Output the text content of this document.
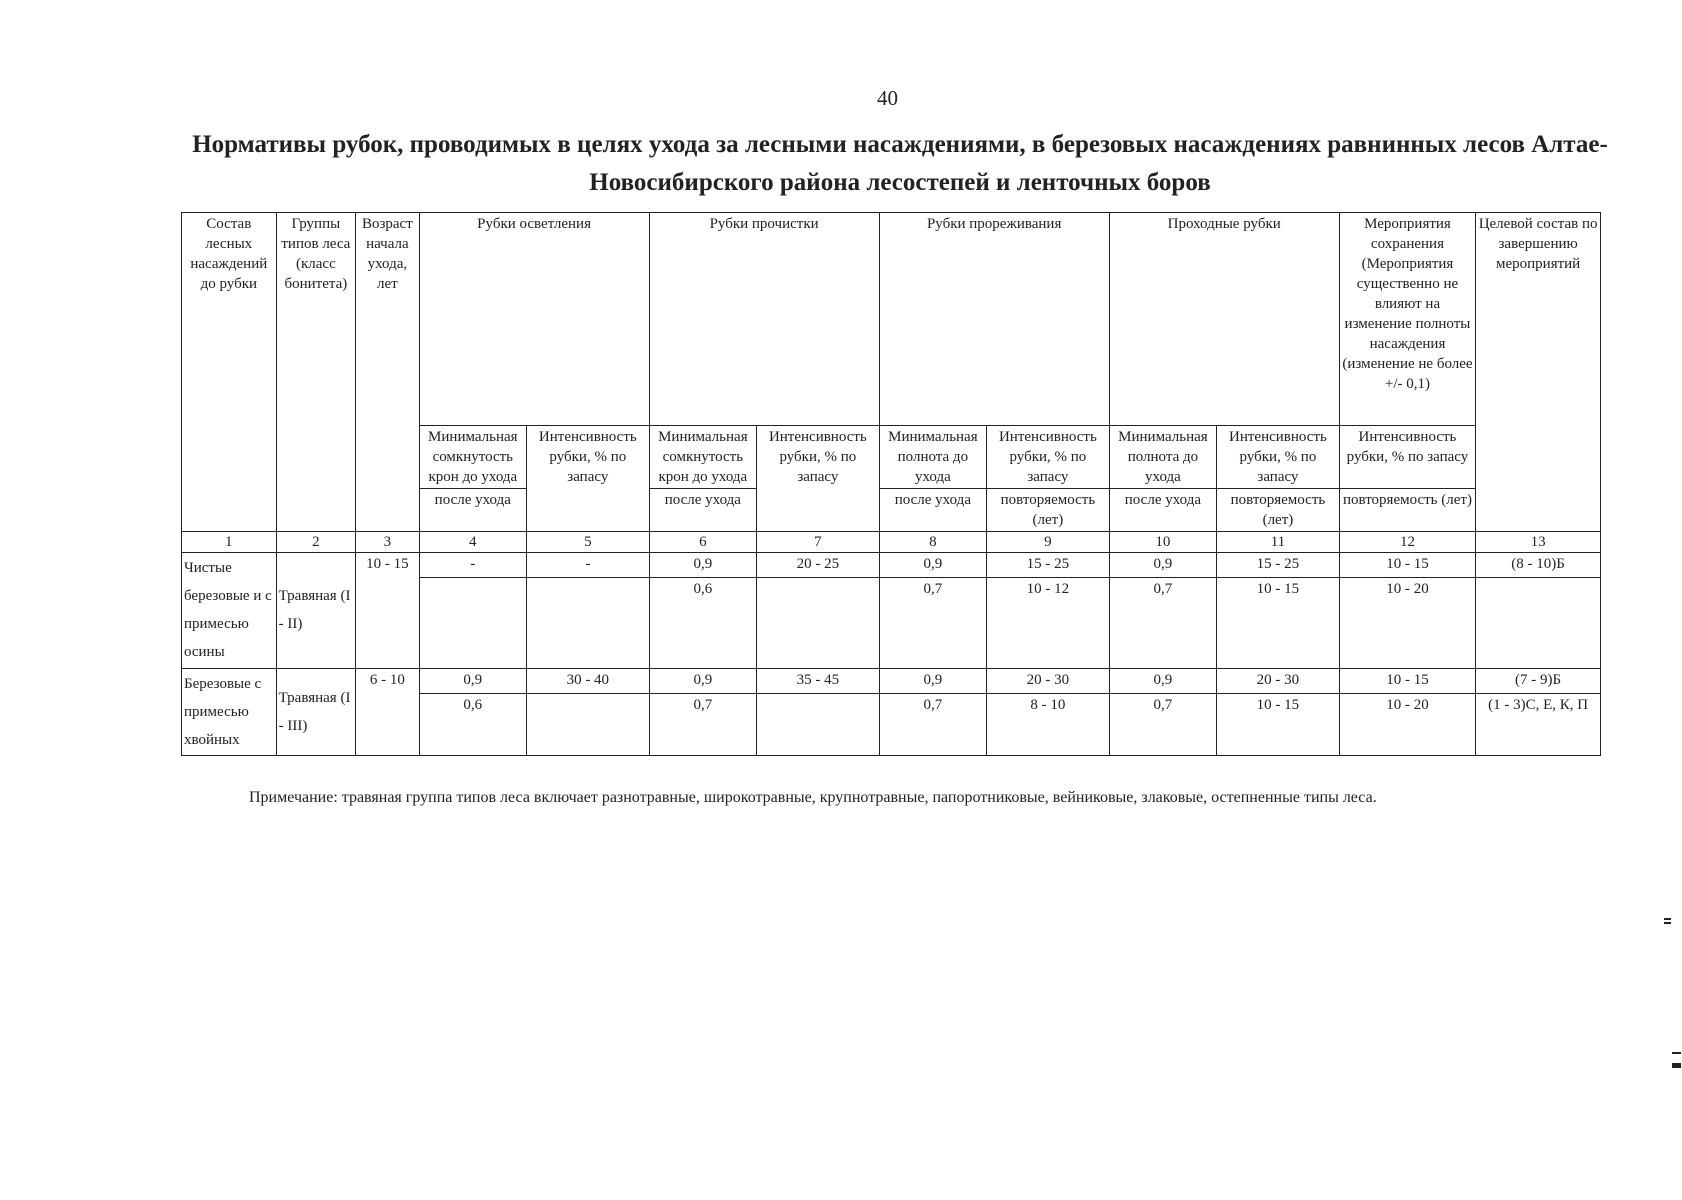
40
Нормативы рубок, проводимых в целях ухода за лесными насаждениями, в березовых насаждениях равнинных лесов Алтае-Новосибирского района лесостепей и ленточных боров
Состав лесных насаждений до рубки	Группы типов леса (класс бонитета)	Возраст начала ухода, лет	Рубки осветления		Рубки прочистки		Рубки прореживания		Проходные рубки		Мероприятия сохранения (Мероприятия существенно не влияют на изменение полноты насаждения (изменение не более +/- 0,1)	Целевой состав по завершению мероприятий
			Минимальная сомкнутость крон до ухода	Интенсивность рубки, % по запасу	Минимальная сомкнутость крон до ухода	Интенсивность рубки, % по запасу	Минимальная полнота до ухода	Интенсивность рубки, % по запасу	Минимальная полнота до ухода	Интенсивность рубки, % по запасу	Интенсивность рубки, % по запасу	
			после ухода		после ухода		после ухода	повторяемость (лет)	после ухода	повторяемость (лет)	повторяемость (лет)	
1	2	3	4	5	6	7	8	9	10	11	12	13
Чистые березовые и с примесью осины	Травяная (I - II)	10 - 15	-	-	0,9	20 - 25	0,9	15 - 25	0,9	15 - 25	10 - 15	(8 - 10)Б
					0,6		0,7	10 - 12	0,7	10 - 15	10 - 20	
Березовые с примесью хвойных	Травяная (I - III)	6 - 10	0,9	30 - 40	0,9	35 - 45	0,9	20 - 30	0,9	20 - 30	10 - 15	(7 - 9)Б
			0,6		0,7		0,7	8 - 10	0,7	10 - 15	10 - 20	(1 - 3)С, Е, К, П
Примечание: травяная группа типов леса включает разнотравные, широкотравные, крупнотравные, папоротниковые, вейниковые, злаковые, остепненные типы леса.
